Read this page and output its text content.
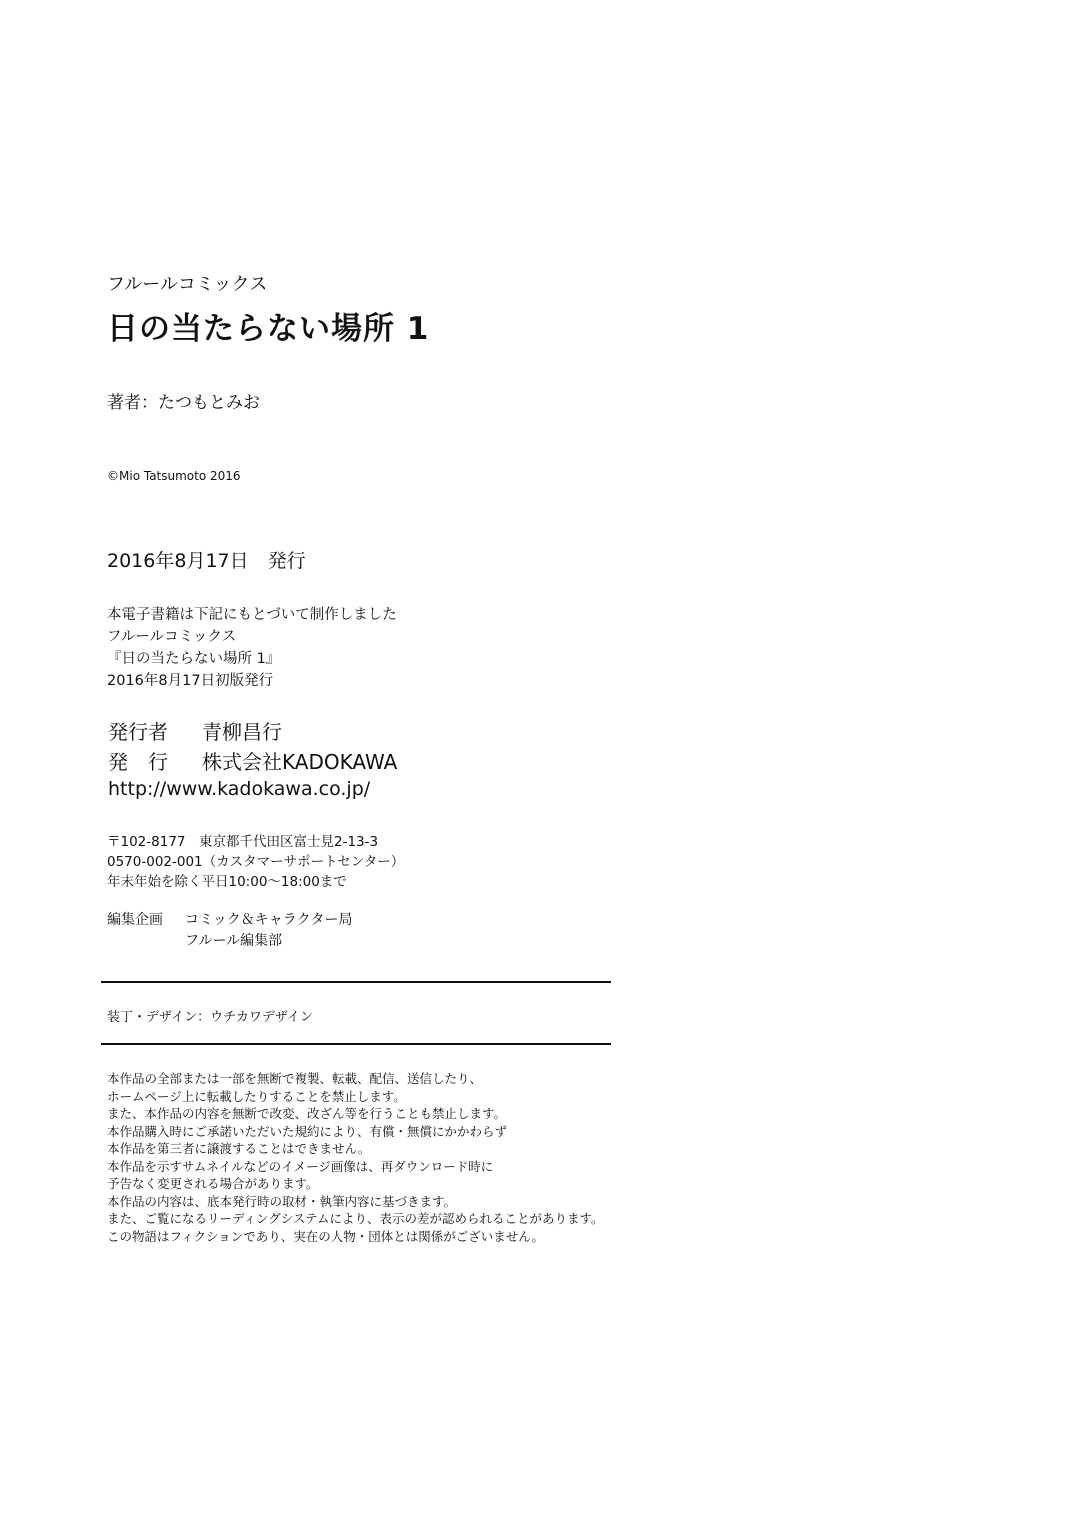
フルールコミックス
日の当たらない場所 1
著者：たつもとみお
©Mio Tatsumoto 2016
2016年8月17日　発行
本電子書籍は下記にもとづいて制作しました
フルールコミックス
『日の当たらない場所 1』
2016年8月17日初版発行
発行者 青柳昌行
発　行 株式会社KADOKAWA
http://www.kadokawa.co.jp/
〒102-8177　東京都千代田区富士見2-13-3
0570-002-001（カスタマーサポートセンター）
年末年始を除く平日10:00～18:00まで
編集企画 コミック＆キャラクター局
フルール編集部
装丁・デザイン：ウチカワデザイン
本作品の全部または一部を無断で複製、転載、配信、送信したり、
ホームページ上に転載したりすることを禁止します。
また、本作品の内容を無断で改変、改ざん等を行うことも禁止します。
本作品購入時にご承諾いただいた規約により、有償・無償にかかわらず
本作品を第三者に譲渡することはできません。
本作品を示すサムネイルなどのイメージ画像は、再ダウンロード時に
予告なく変更される場合があります。
本作品の内容は、底本発行時の取材・執筆内容に基づきます。
また、ご覧になるリーディングシステムにより、表示の差が認められることがあります。
この物語はフィクションであり、実在の人物・団体とは関係がございません。
